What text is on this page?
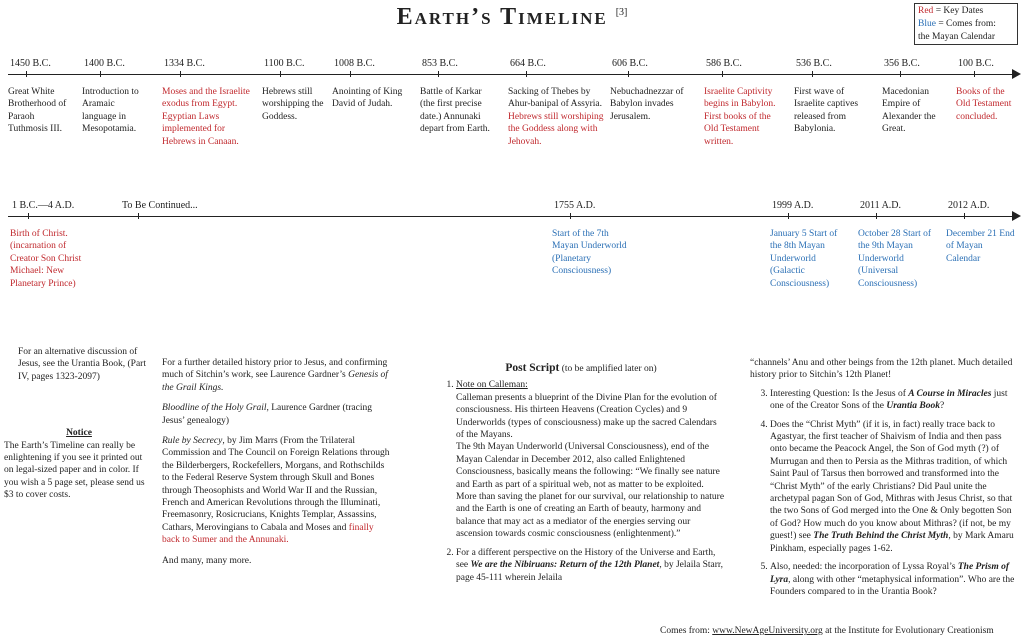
Earth’s Timeline [3]	Red = Key Dates
Blue = Comes from:
the Mayan Calendar
1450 B.C.
Great White Brotherhood of Paraoh Tuthmosis III.
1400 B.C.
Introduction to Aramaic language in Mesopotamia.
1334 B.C.
Moses and the Israelite exodus from Egypt. Egyptian Laws implemented for Hebrews in Canaan.
1100 B.C.
Hebrews still worshipping the Goddess.
1008 B.C.
Anointing of King David of Judah.
853 B.C.
Battle of Karkar (the first precise date.) Annunaki depart from Earth.
664 B.C.
Sacking of Thebes by Ahur-banipal of Assyria. Hebrews still worshiping the Goddess along with Jehovah.
606 B.C.
Nebuchadnezzar of Babylon invades Jerusalem.
586 B.C.
Israelite Captivity begins in Babylon. First books of the Old Testament written.
536 B.C.
First wave of Israelite captives released from Babylonia.
356 B.C.
Macedonian Empire of Alexander the Great.
100 B.C.
Books of the Old Testament concluded.
1 B.C.—4 A.D.
Birth of Christ. (incarnation of Creator Son Christ Michael: New Planetary Prince)
To Be Continued...	1755 A.D.
Start of the 7th Mayan Underworld (Planetary Consciousness)
1999 A.D.
January 5 Start of the 8th Mayan Underworld (Galactic Consciousness)
2011 A.D.
October 28 Start of the 9th Mayan Underworld (Universal Consciousness)
2012 A.D.
December 21 End of Mayan Calendar
For an alternative discussion of Jesus, see the Urantia Book, (Part IV, pages 1323-2097)
Notice
The Earth’s Timeline can really be enlightening if you see it printed out on legal-sized paper and in color. If you wish a 5 page set, please send us $3 to cover costs.

For a further detailed history prior to Jesus, and confirming much of Sitchin’s work, see Laurence Gardner’s Genesis of the Grail Kings.

Bloodline of the Holy Grail, Laurence Gardner (tracing Jesus’ genealogy)

Rule by Secrecy, by Jim Marrs (From the Trilateral Commission and The Council on Foreign Relations through the Bilderbergers, Rockefellers, Morgans, and Rothschilds to the Federal Reserve System through Skull and Bones through Theosophists and World War II and the Russian, French and American Revolutions through the Illuminati, Freemasonry, Rosicrucians, Knights Templar, Assassins, Cathars, Merovingians to Cabala and Moses and finally back to Sumer and the Annunaki.

And many, many more.

Post Script (to be amplified later on)
1. Note on Calleman:
Calleman presents a blueprint of the Divine Plan for the evolution of consciousness. His thirteen Heavens (Creation Cycles) and 9 Underworlds (types of consciousness) make up the sacred Calendars of the Mayans.
The 9th Mayan Underworld (Universal Consciousness), end of the Mayan Calendar in December 2012, also called Enlightened Consciousness, basically means the following: “We finally see nature and Earth as part of a spiritual web, not as matter to be exploited. More than saving the planet for our survival, our relationship to nature and the Earth is one of creating an Earth of beauty, harmony and balance that may act as a mediator of the energies serving our ascension towards cosmic consciousness (enlightenment).”
2. For a different perspective on the History of the Universe and Earth, see We are the Nibiruans: Return of the 12th Planet, by Jelaila Starr, page 45-111 wherein Jelaila
“channels’ Anu and other beings from the 12th planet. Much detailed history prior to Sitchin’s 12th Planet!
3. Interesting Question: Is the Jesus of A Course in Miracles just one of the Creator Sons of the Urantia Book?
4. Does the “Christ Myth” (if it is, in fact) really trace back to Agastyar, the first teacher of Shaivism of India and then pass onto became the Peacock Angel, the Son of God myth (?) of Murrugan and then to Persia as the Mithras tradition, of which Saint Paul of Tarsus then borrowed and transformed into the “Christ Myth” of the early Christians? Did Paul unite the archetypal pagan Son of God, Mithras with Jesus Christ, so that the two Sons of God merged into the One & Only begotten Son of God? How much do you know about Mithras? (if not, be my guest!) see The Truth Behind the Christ Myth, by Mark Amaru Pinkham, especially pages 1-62.
5. Also, needed: the incorporation of Lyssa Royal’s The Prism of Lyra, along with other “metaphysical information”. Who are the Founders compared to in the Urantia Book?
Comes from: www.NewAgeUniversity.org at the Institute for Evolutionary Creationism
